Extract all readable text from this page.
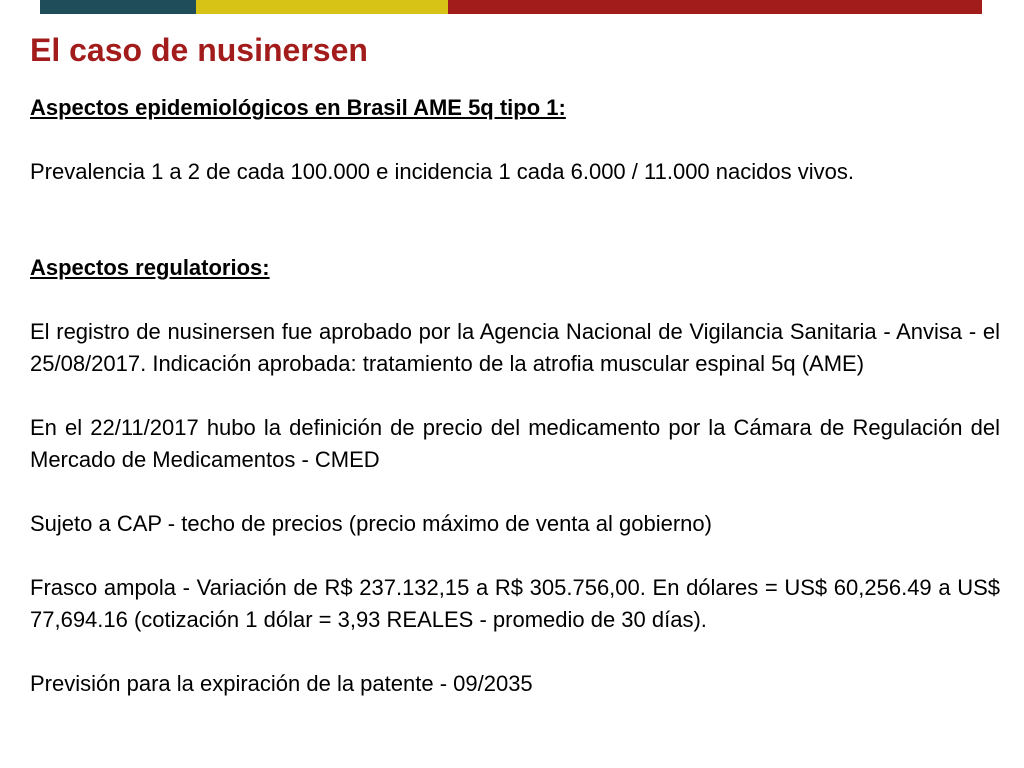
El caso de nusinersen

Aspectos epidemiológicos en Brasil AME 5q tipo 1:

Prevalencia 1 a 2 de cada 100.000 e incidencia 1 cada 6.000 / 11.000 nacidos vivos.

Aspectos regulatorios:

El registro de nusinersen fue aprobado por la Agencia Nacional de Vigilancia Sanitaria - Anvisa - el 25/08/2017. Indicación aprobada: tratamiento de la atrofia muscular espinal 5q (AME)

En el 22/11/2017 hubo la definición de precio del medicamento por la Cámara de Regulación del Mercado de Medicamentos - CMED

Sujeto a CAP - techo de precios (precio máximo de venta al gobierno)

Frasco ampola - Variación de R$ 237.132,15 a R$ 305.756,00. En dólares = US$ 60,256.49 a US$ 77,694.16 (cotización 1 dólar = 3,93 REALES - promedio de 30 días).

Previsión para la expiración de la patente - 09/2035
